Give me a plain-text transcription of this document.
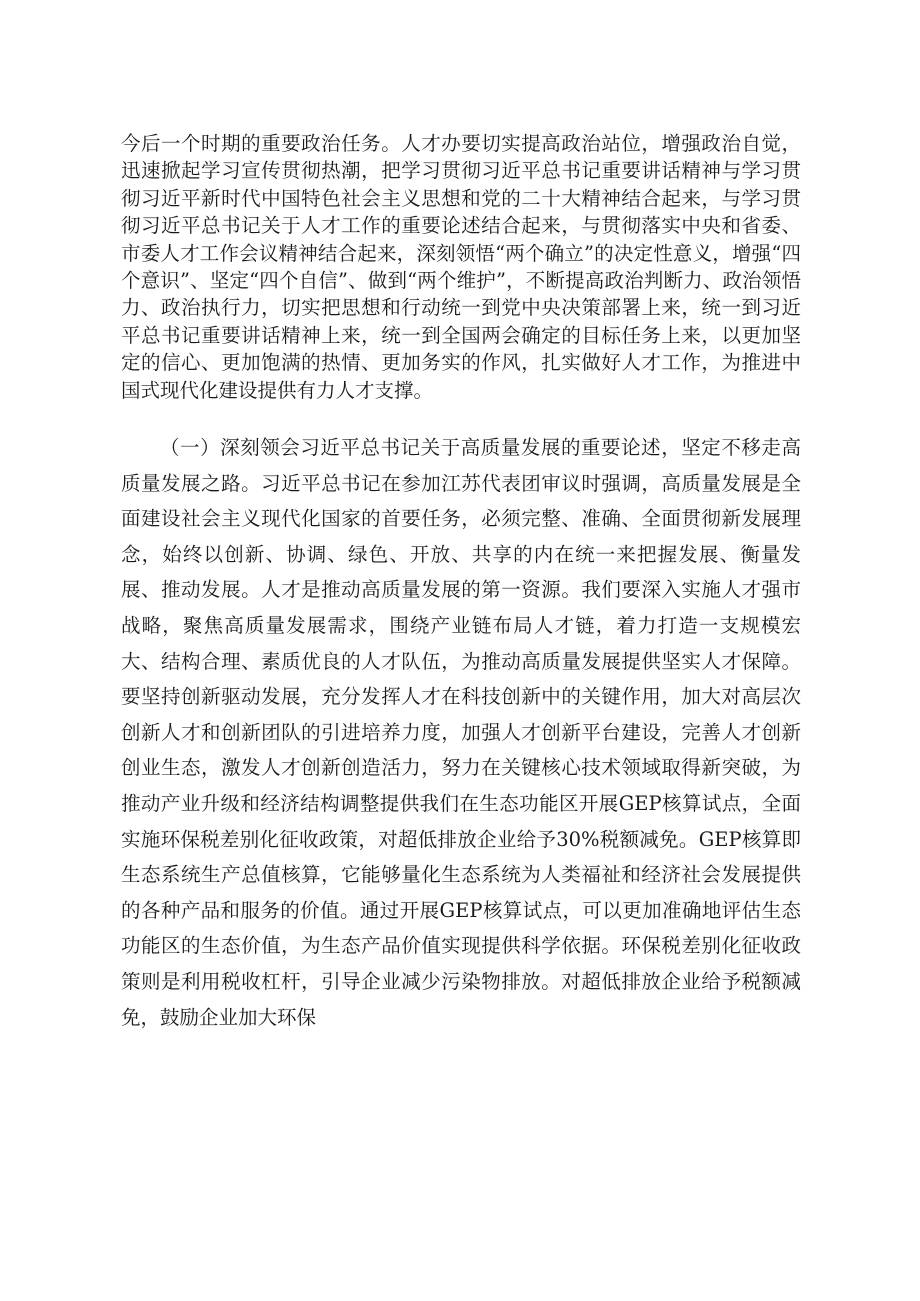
今后一个时期的重要政治任务。人才办要切实提高政治站位，增强政治自觉，迅速掀起学习宣传贯彻热潮，把学习贯彻习近平总书记重要讲话精神与学习贯彻习近平新时代中国特色社会主义思想和党的二十大精神结合起来，与学习贯彻习近平总书记关于人才工作的重要论述结合起来，与贯彻落实中央和省委、市委人才工作会议精神结合起来，深刻领悟“两个确立”的决定性意义，增强“四个意识”、坚定“四个自信”、做到“两个维护”，不断提高政治判断力、政治领悟力、政治执行力，切实把思想和行动统一到党中央决策部署上来，统一到习近平总书记重要讲话精神上来，统一到全国两会确定的目标任务上来，以更加坚定的信心、更加饱满的热情、更加务实的作风，扎实做好人才工作，为推进中国式现代化建设提供有力人才支撑。

（一）深刻领会习近平总书记关于高质量发展的重要论述，坚定不移走高质量发展之路。习近平总书记在参加江苏代表团审议时强调，高质量发展是全面建设社会主义现代化国家的首要任务，必须完整、准确、全面贯彻新发展理念，始终以创新、协调、绿色、开放、共享的内在统一来把握发展、衡量发展、推动发展。人才是推动高质量发展的第一资源。我们要深入实施人才强市战略，聚焦高质量发展需求，围绕产业链布局人才链，着力打造一支规模宏大、结构合理、素质优良的人才队伍，为推动高质量发展提供坚实人才保障。要坚持创新驱动发展，充分发挥人才在科技创新中的关键作用，加大对高层次创新人才和创新团队的引进培养力度，加强人才创新平台建设，完善人才创新创业生态，激发人才创新创造活力，努力在关键核心技术领域取得新突破，为推动产业升级和经济结构调整提供我们在生态功能区开展GEP核算试点，全面实施环保税差别化征收政策，对超低排放企业给予30%税额减免。GEP核算即生态系统生产总值核算，它能够量化生态系统为人类福祉和经济社会发展提供的各种产品和服务的价值。通过开展GEP核算试点，可以更加准确地评估生态功能区的生态价值，为生态产品价值实现提供科学依据。环保税差别化征收政策则是利用税收杠杆，引导企业减少污染物排放。对超低排放企业给予税额减免，鼓励企业加大环保
